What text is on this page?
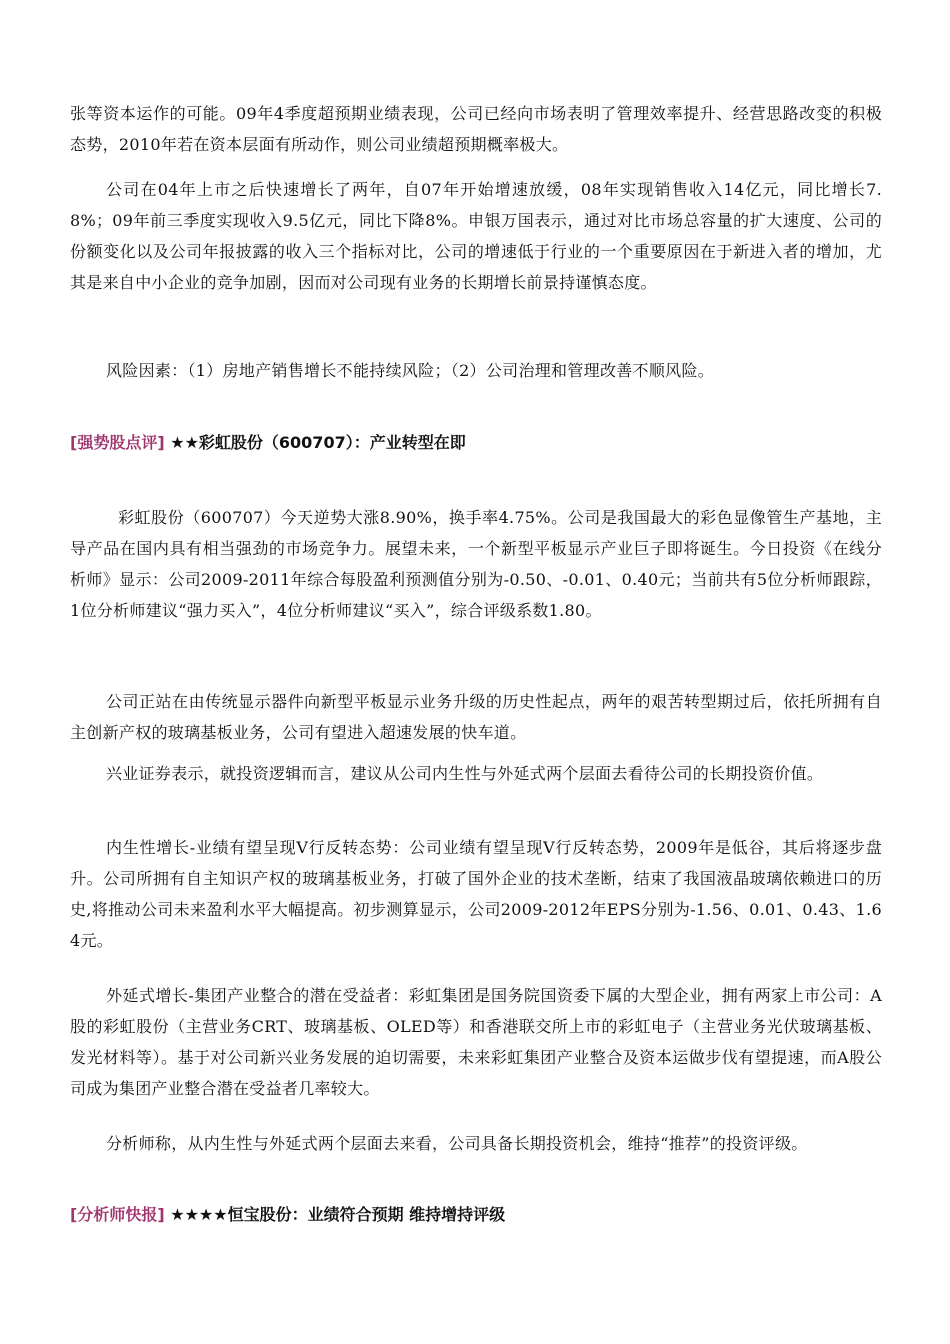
张等资本运作的可能。09年4季度超预期业绩表现，公司已经向市场表明了管理效率提升、经营思路改变的积极态势，2010年若在资本层面有所动作，则公司业绩超预期概率极大。

公司在04年上市之后快速增长了两年，自07年开始增速放缓，08年实现销售收入14亿元，同比增长7.8%；09年前三季度实现收入9.5亿元，同比下降8%。申银万国表示，通过对比市场总容量的扩大速度、公司的份额变化以及公司年报披露的收入三个指标对比，公司的增速低于行业的一个重要原因在于新进入者的增加，尤其是来自中小企业的竞争加剧，因而对公司现有业务的长期增长前景持谨慎态度。

风险因素：（1）房地产销售增长不能持续风险；（2）公司治理和管理改善不顺风险。

[强势股点评] ★★彩虹股份（600707）：产业转型在即

彩虹股份（600707）今天逆势大涨8.90%，换手率4.75%。公司是我国最大的彩色显像管生产基地，主导产品在国内具有相当强劲的市场竞争力。展望未来，一个新型平板显示产业巨子即将诞生。今日投资《在线分析师》显示：公司2009-2011年综合每股盈利预测值分别为-0.50、-0.01、0.40元；当前共有5位分析师跟踪，1位分析师建议“强力买入”，4位分析师建议“买入”，综合评级系数1.80。

公司正站在由传统显示器件向新型平板显示业务升级的历史性起点，两年的艰苦转型期过后，依托所拥有自主创新产权的玻璃基板业务，公司有望进入超速发展的快车道。

兴业证券表示，就投资逻辑而言，建议从公司内生性与外延式两个层面去看待公司的长期投资价值。

内生性增长-业绩有望呈现V行反转态势：公司业绩有望呈现V行反转态势，2009年是低谷，其后将逐步盘升。公司所拥有自主知识产权的玻璃基板业务，打破了国外企业的技术垄断，结束了我国液晶玻璃依赖进口的历史,将推动公司未来盈利水平大幅提高。初步测算显示，公司2009-2012年EPS分别为-1.56、0.01、0.43、1.64元。

外延式增长-集团产业整合的潜在受益者：彩虹集团是国务院国资委下属的大型企业，拥有两家上市公司：A股的彩虹股份（主营业务CRT、玻璃基板、OLED等）和香港联交所上市的彩虹电子（主营业务光伏玻璃基板、发光材料等）。基于对公司新兴业务发展的迫切需要，未来彩虹集团产业整合及资本运做步伐有望提速，而A股公司成为集团产业整合潜在受益者几率较大。

分析师称，从内生性与外延式两个层面去来看，公司具备长期投资机会，维持“推荐”的投资评级。

[分析师快报] ★★★★恒宝股份：业绩符合预期 维持增持评级
